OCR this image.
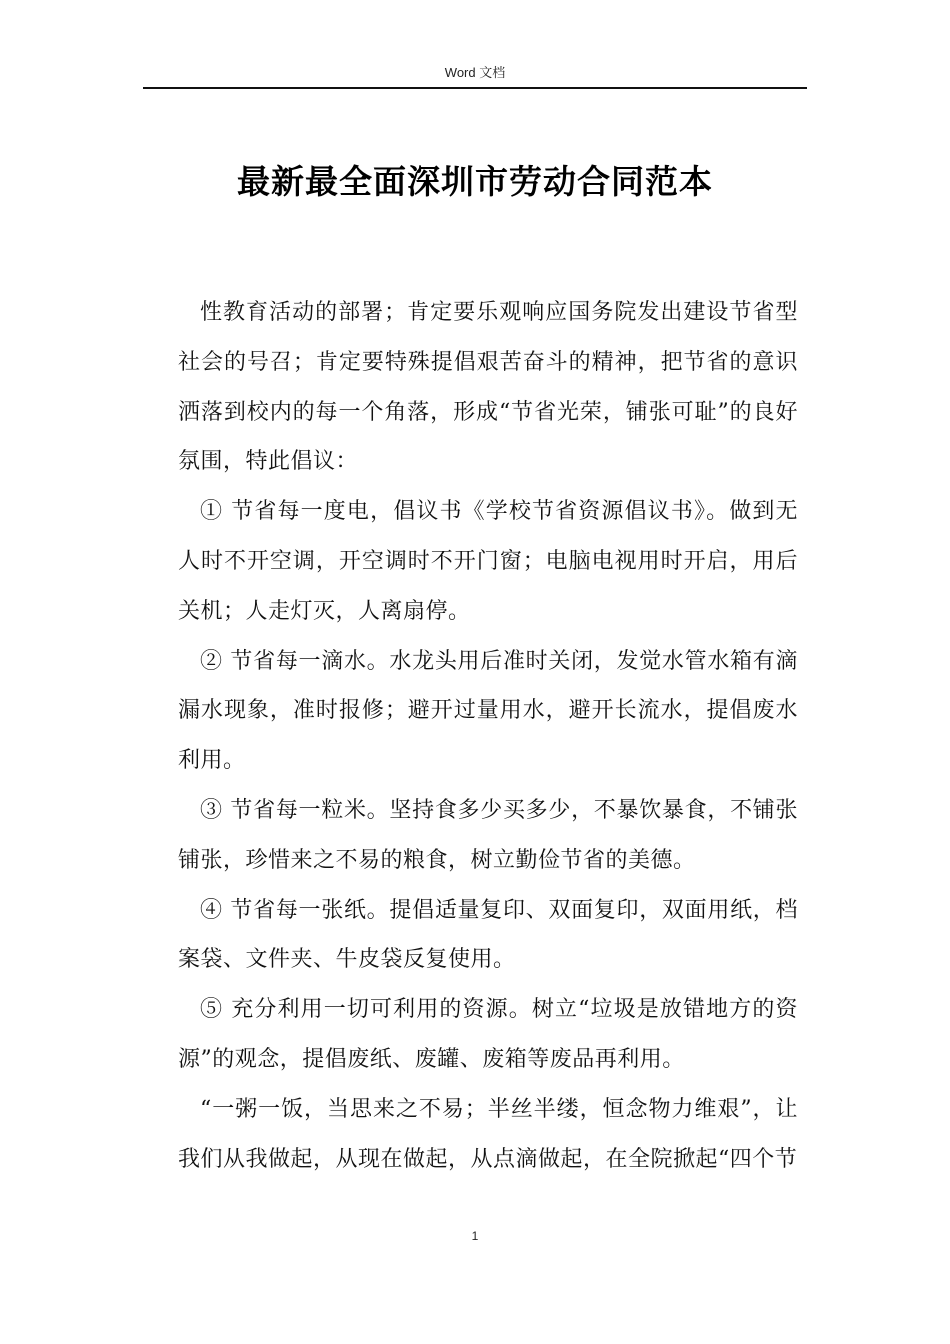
Word 文档
最新最全面深圳市劳动合同范本

性教育活动的部署；肯定要乐观响应国务院发出建设节省型社会的号召；肯定要特殊提倡艰苦奋斗的精神，把节省的意识洒落到校内的每一个角落，形成“节省光荣，铺张可耻”的良好氛围，特此倡议：

① 节省每一度电，倡议书《学校节省资源倡议书》。做到无人时不开空调，开空调时不开门窗；电脑电视用时开启，用后关机；人走灯灭，人离扇停。

② 节省每一滴水。水龙头用后准时关闭，发觉水管水箱有滴漏水现象，准时报修；避开过量用水，避开长流水，提倡废水利用。

③ 节省每一粒米。坚持食多少买多少，不暴饮暴食，不铺张铺张，珍惜来之不易的粮食，树立勤俭节省的美德。

④ 节省每一张纸。提倡适量复印、双面复印，双面用纸，档案袋、文件夹、牛皮袋反复使用。

⑤ 充分利用一切可利用的资源。树立“垃圾是放错地方的资源”的观念，提倡废纸、废罐、废箱等废品再利用。

“一粥一饭，当思来之不易；半丝半缕，恒念物力维艰”，让我们从我做起，从现在做起，从点滴做起，在全院掀起“四个节

1
